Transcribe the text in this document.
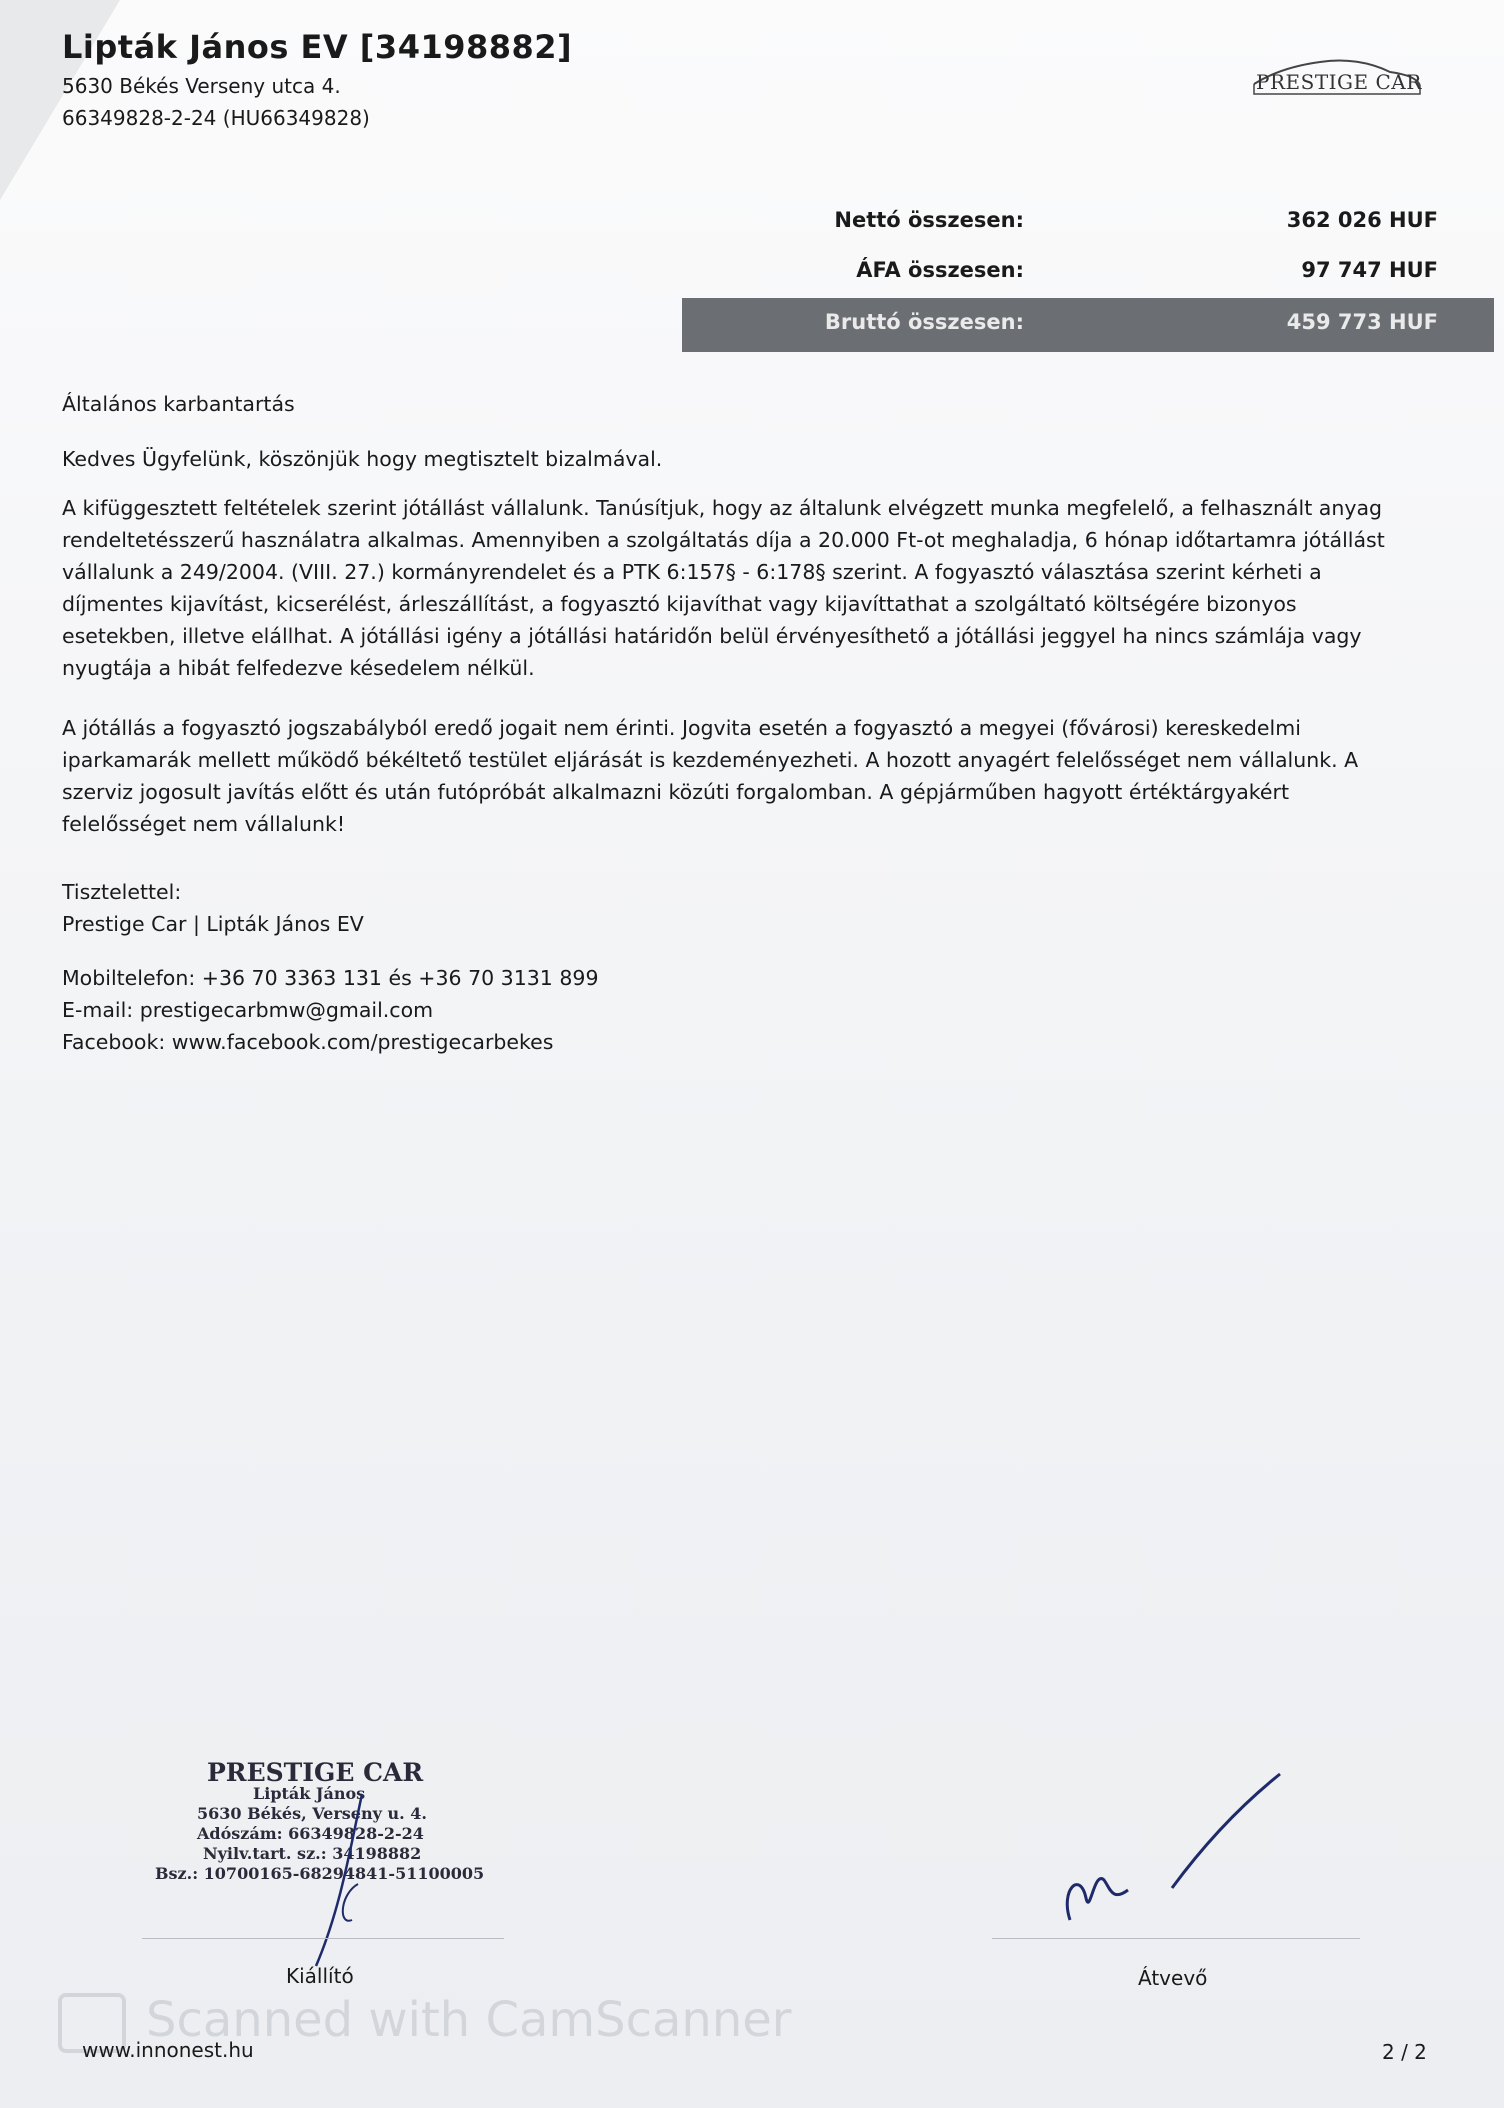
Lipták János EV [34198882]
5630 Békés Verseny utca 4.
66349828-2-24 (HU66349828)
PRESTIGE CAR
Nettó összesen:	362 026 HUF
ÁFA összesen:	97 747 HUF
Bruttó összesen:	459 773 HUF
Általános karbantartás
Kedves Ügyfelünk, köszönjük hogy megtisztelt bizalmával.

A kifüggesztett feltételek szerint jótállást vállalunk. Tanúsítjuk, hogy az általunk elvégzett munka megfelelő, a felhasznált anyag rendeltetésszerű használatra alkalmas. Amennyiben a szolgáltatás díja a 20.000 Ft-ot meghaladja, 6 hónap időtartamra jótállást vállalunk a 249/2004. (VIII. 27.) kormányrendelet és a PTK 6:157§ - 6:178§ szerint. A fogyasztó választása szerint kérheti a díjmentes kijavítást, kicserélést, árleszállítást, a fogyasztó kijavíthat vagy kijavíttathat a szolgáltató költségére bizonyos esetekben, illetve elállhat. A jótállási igény a jótállási határidőn belül érvényesíthető a jótállási jeggyel ha nincs számlája vagy nyugtája a hibát felfedezve késedelem nélkül.

A jótállás a fogyasztó jogszabályból eredő jogait nem érinti. Jogvita esetén a fogyasztó a megyei (fővárosi) kereskedelmi iparkamarák mellett működő békéltető testület eljárását is kezdeményezheti. A hozott anyagért felelősséget nem vállalunk. A szerviz jogosult javítás előtt és után futópróbát alkalmazni közúti forgalomban. A gépjárműben hagyott értéktárgyakért felelősséget nem vállalunk!

Tisztelettel:
Prestige Car | Lipták János EV
Mobiltelefon: +36 70 3363 131 és +36 70 3131 899
E-mail: prestigecarbmw@gmail.com
Facebook: www.facebook.com/prestigecarbekes
PRESTIGE CAR
Lipták János
5630 Békés, Verseny u. 4.
Adószám: 66349828-2-24
Nyilv.tart. sz.: 34198882
Bsz.: 10700165-68294841-51100005
Kiállító	Átvevő
Scanned with CamScanner
www.innonest.hu	2 / 2
